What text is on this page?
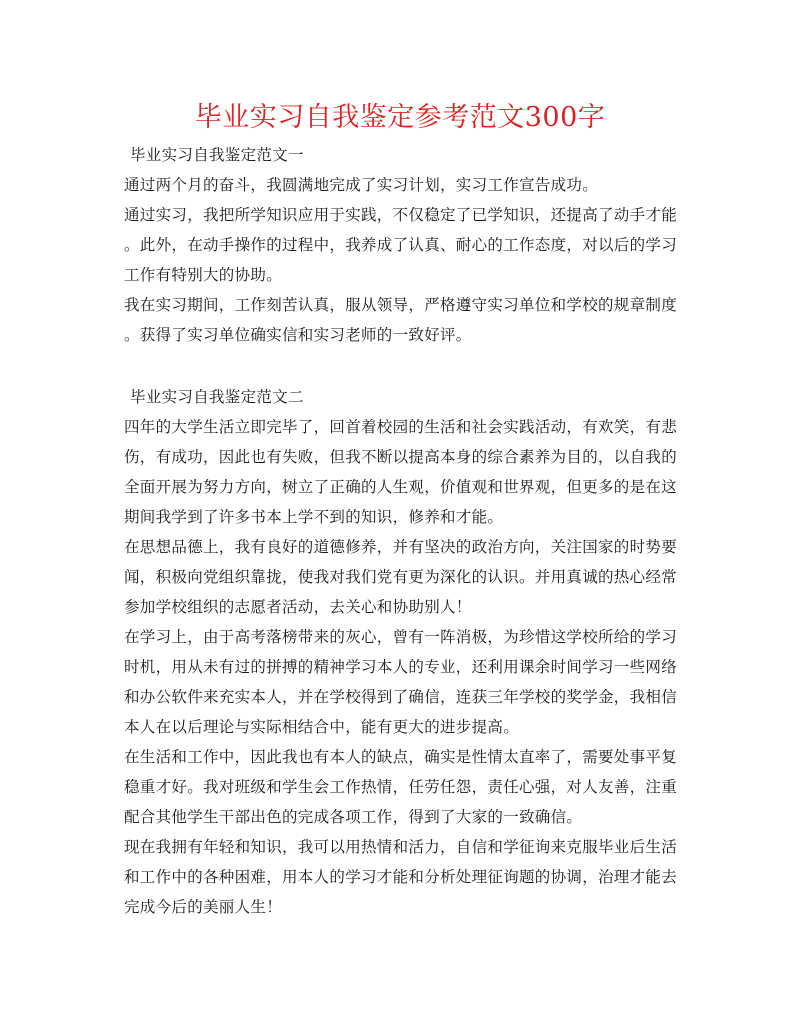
毕业实习自我鉴定参考范文300字
毕业实习自我鉴定范文一

通过两个月的奋斗，我圆满地完成了实习计划，实习工作宣告成功。

通过实习，我把所学知识应用于实践，不仅稳定了已学知识，还提高了动手才能
。此外，在动手操作的过程中，我养成了认真、耐心的工作态度，对以后的学习
工作有特别大的协助。

我在实习期间，工作刻苦认真，服从领导，严格遵守实习单位和学校的规章制度
。获得了实习单位确实信和实习老师的一致好评。

毕业实习自我鉴定范文二

四年的大学生活立即完毕了，回首着校园的生活和社会实践活动，有欢笑，有悲
伤，有成功，因此也有失败，但我不断以提高本身的综合素养为目的，以自我的
全面开展为努力方向，树立了正确的人生观，价值观和世界观，但更多的是在这
期间我学到了许多书本上学不到的知识，修养和才能。

在思想品德上，我有良好的道德修养，并有坚决的政治方向，关注国家的时势要
闻，积极向党组织靠拢，使我对我们党有更为深化的认识。并用真诚的热心经常
参加学校组织的志愿者活动，去关心和协助别人！

在学习上，由于高考落榜带来的灰心，曾有一阵消极，为珍惜这学校所给的学习
时机，用从未有过的拼搏的精神学习本人的专业，还利用课余时间学习一些网络
和办公软件来充实本人，并在学校得到了确信，连获三年学校的奖学金，我相信
本人在以后理论与实际相结合中，能有更大的进步提高。

在生活和工作中，因此我也有本人的缺点，确实是性情太直率了，需要处事平复
稳重才好。我对班级和学生会工作热情，任劳任怨，责任心强，对人友善，注重
配合其他学生干部出色的完成各项工作，得到了大家的一致确信。

现在我拥有年轻和知识，我可以用热情和活力，自信和学征询来克服毕业后生活
和工作中的各种困难，用本人的学习才能和分析处理征询题的协调，治理才能去
完成今后的美丽人生！
